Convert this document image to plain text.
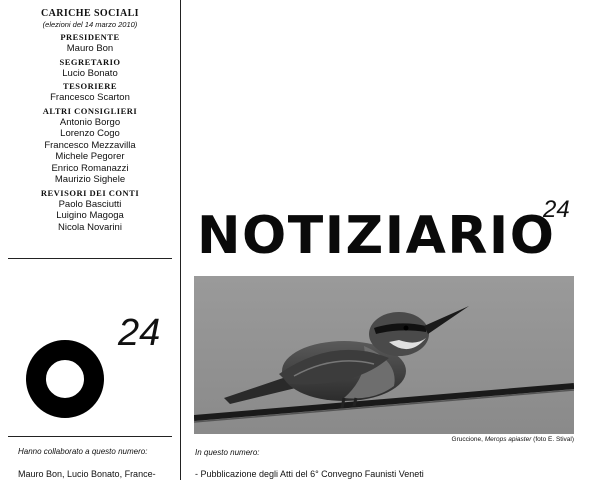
CARICHE SOCIALI
(elezioni del 14 marzo 2010)
PRESIDENTE
Mauro Bon
SEGRETARIO
Lucio Bonato
TESORIERE
Francesco Scarton
ALTRI CONSIGLIERI
Antonio Borgo
Lorenzo Cogo
Francesco Mezzavilla
Michele Pegorer
Enrico Romanazzi
Maurizio Sighele
REVISORI DEI CONTI
Paolo Basciutti
Luigino Magoga
Nicola Novarini
24
Hanno collaborato a questo numero:
Mauro Bon, Lucio Bonato, France-
NOTIZIARIO
24
Gruccione, Merops apiaster (foto E. Stival)
In questo numero:
- Pubblicazione degli Atti del 6° Convegno Faunisti Veneti
